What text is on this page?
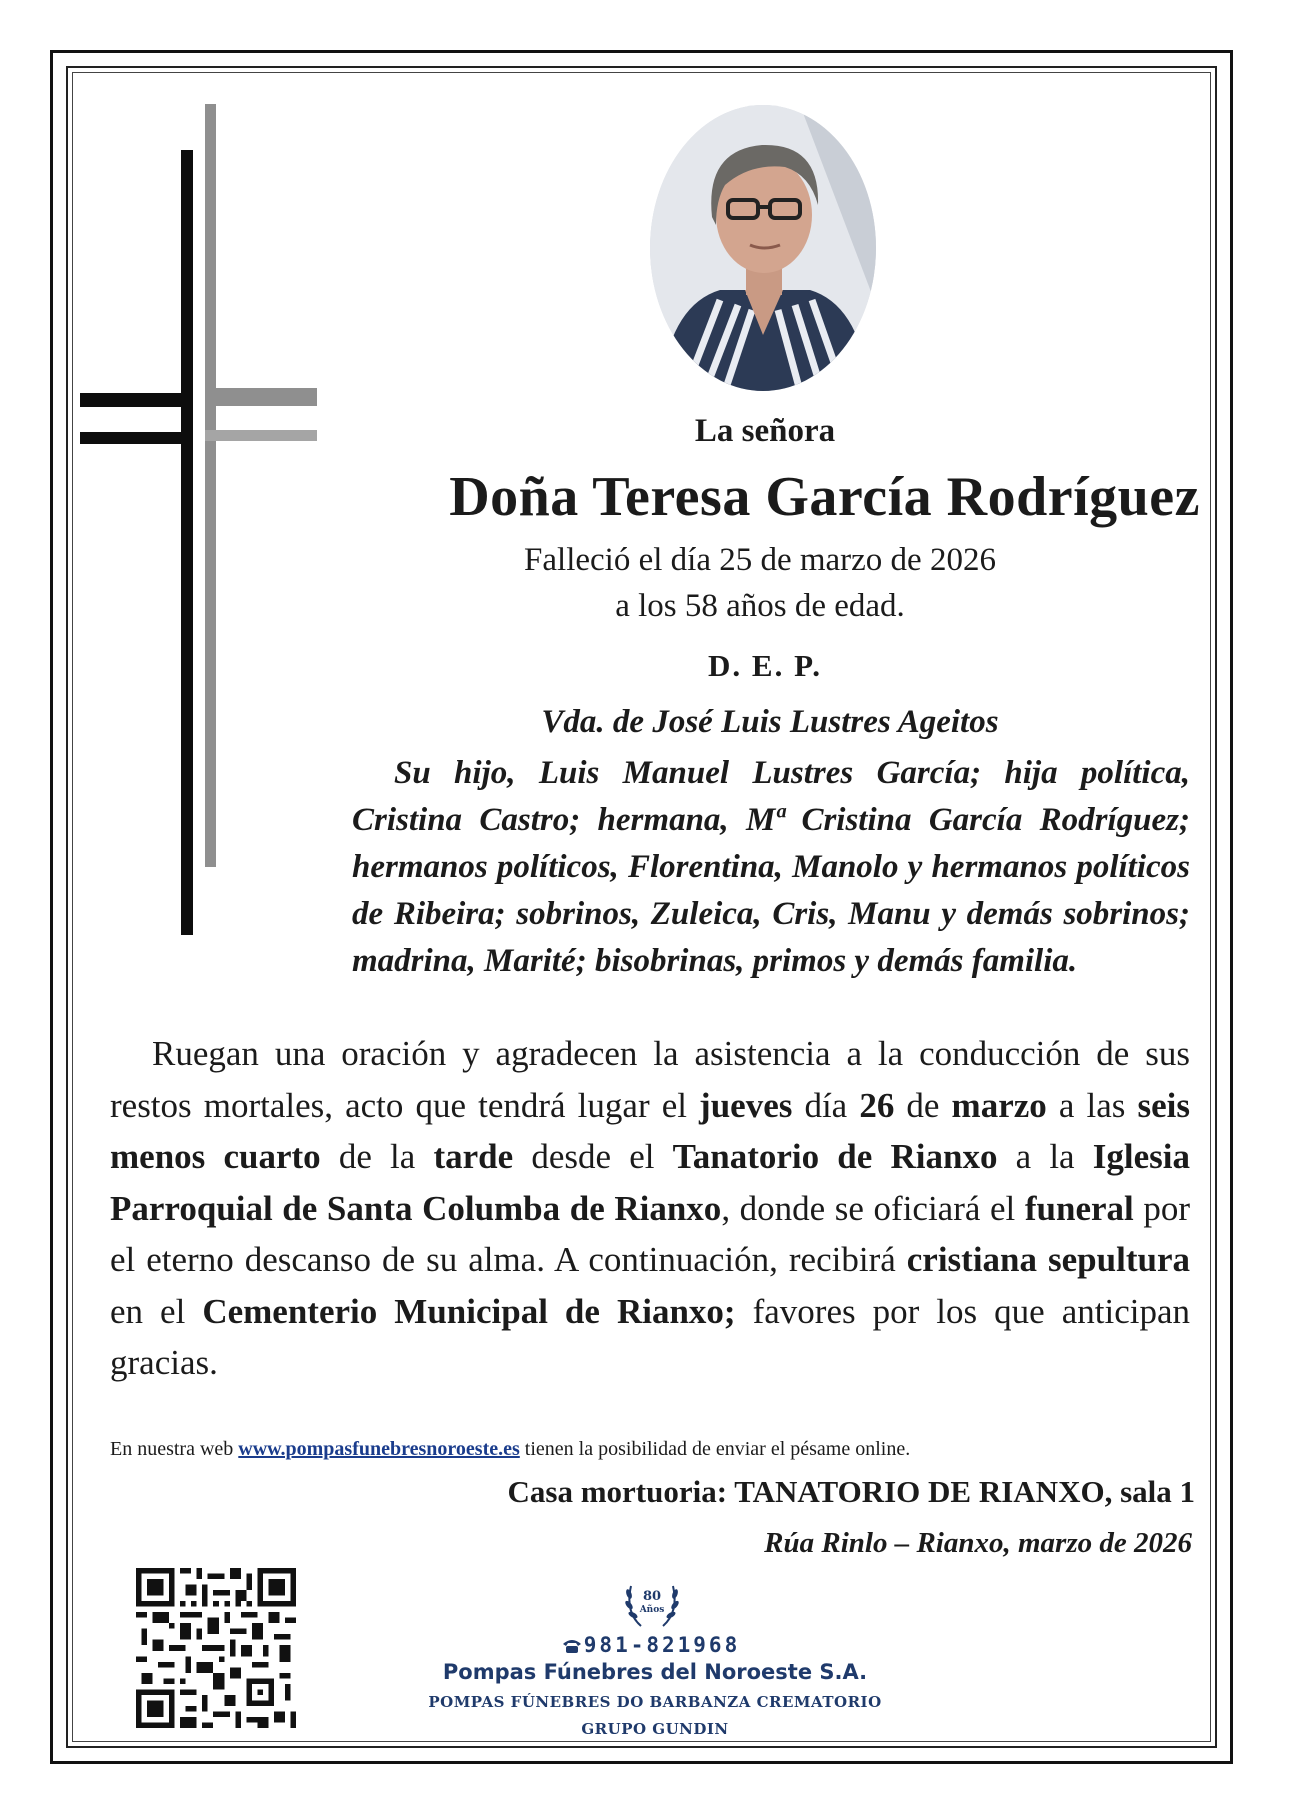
La señora
Doña Teresa García Rodríguez
Falleció el día 25 de marzo de 2026
a los 58 años de edad.
D. E. P.
Vda. de José Luis Lustres Ageitos
Su hijo, Luis Manuel Lustres García; hija política, Cristina Castro; hermana, Mª Cristina García Rodríguez; hermanos políticos, Florentina, Manolo y hermanos políticos de Ribeira; sobrinos, Zuleica, Cris, Manu y demás sobrinos; madrina, Marité; bisobrinas, primos y demás familia.
Ruegan una oración y agradecen la asistencia a la conducción de sus restos mortales, acto que tendrá lugar el jueves día 26 de marzo a las seis menos cuarto de la tarde desde el Tanatorio de Rianxo a la Iglesia Parroquial de Santa Columba de Rianxo, donde se oficiará el funeral por el eterno descanso de su alma. A continuación, recibirá cristiana sepultura en el Cementerio Municipal de Rianxo; favores por los que anticipan gracias.
En nuestra web www.pompasfunebresnoroeste.es tienen la posibilidad de enviar el pésame online.
Casa mortuoria: TANATORIO DE RIANXO, sala 1
Rúa Rinlo – Rianxo, marzo de 2026
80
Años
981-821968
Pompas Fúnebres del Noroeste S.A.
POMPAS FÚNEBRES DO BARBANZA CREMATORIO
GRUPO GUNDIN
